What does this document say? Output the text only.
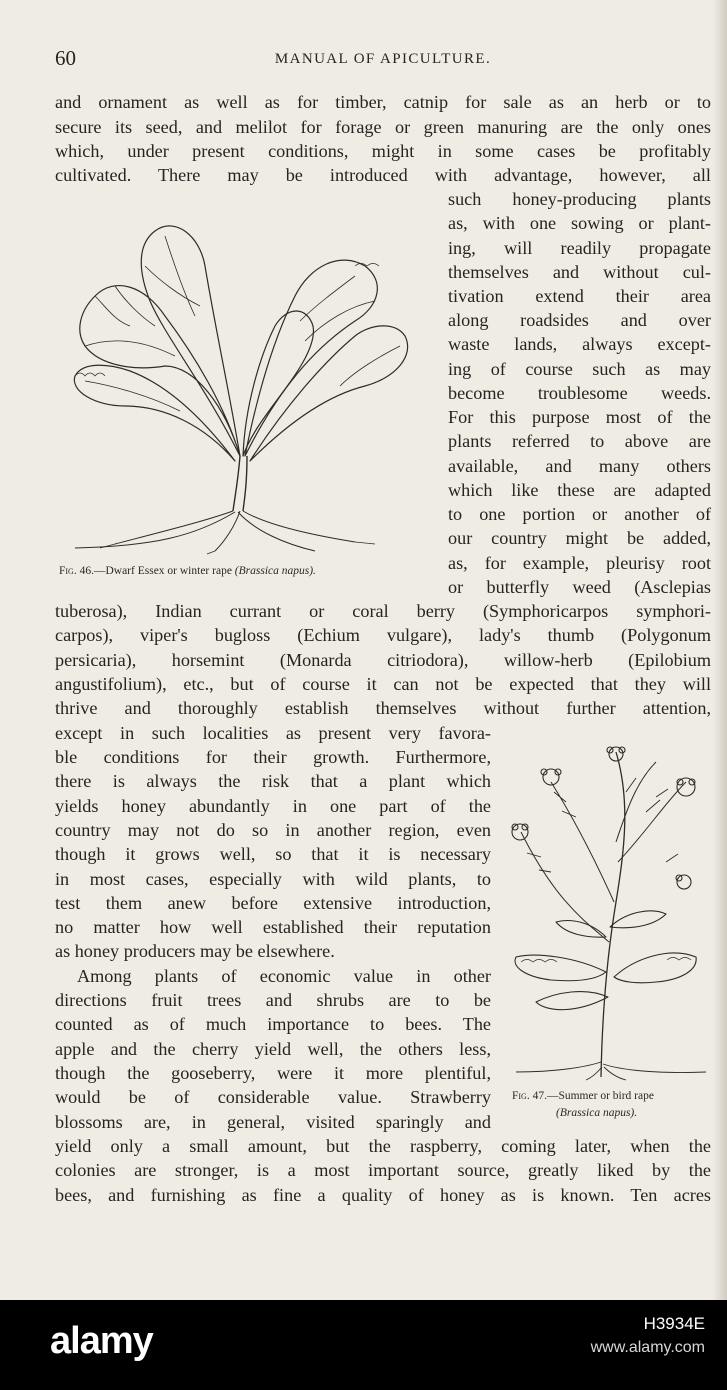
60	MANUAL OF APICULTURE.
and ornament as well as for timber, catnip for sale as an herb or to
secure its seed, and melilot for forage or green manuring are the only ones
which, under present conditions, might in some cases be profitably
cultivated. There may be introduced with advantage, however, all
such honey-producing plants
as, with one sowing or plant-
ing, will readily propagate
themselves and without cul-
tivation extend their area
along roadsides and over
waste lands, always except-
ing of course such as may
become troublesome weeds.
For this purpose most of the
plants referred to above are
available, and many others
which like these are adapted
to one portion or another of
our country might be added,
as, for example, pleurisy root
or butterfly weed (Asclepias
tuberosa), Indian currant or coral berry (Symphoricarpos symphori-
carpos), viper's bugloss (Echium vulgare), lady's thumb (Polygonum
persicaria), horsemint (Monarda citriodora), willow-herb (Epilobium
angustifolium), etc., but of course it can not be expected that they will
thrive and thoroughly establish themselves without further attention,
except in such localities as present very favora-
ble conditions for their growth. Furthermore,
there is always the risk that a plant which
yields honey abundantly in one part of the
country may not do so in another region, even
though it grows well, so that it is necessary
in most cases, especially with wild plants, to
test them anew before extensive introduction,
no matter how well established their reputation
as honey producers may be elsewhere.
Among plants of economic value in other
directions fruit trees and shrubs are to be
counted as of much importance to bees. The
apple and the cherry yield well, the others less,
though the gooseberry, were it more plentiful,
would be of considerable value. Strawberry
blossoms are, in general, visited sparingly and
yield only a small amount, but the raspberry, coming later, when the
colonies are stronger, is a most important source, greatly liked by the
bees, and furnishing as fine a quality of honey as is known. Ten acres
Fig. 46.—Dwarf Essex or winter rape (Brassica napus).
Fig. 47.—Summer or bird rape
(Brassica napus).
alamy	H3934E
www.alamy.com
